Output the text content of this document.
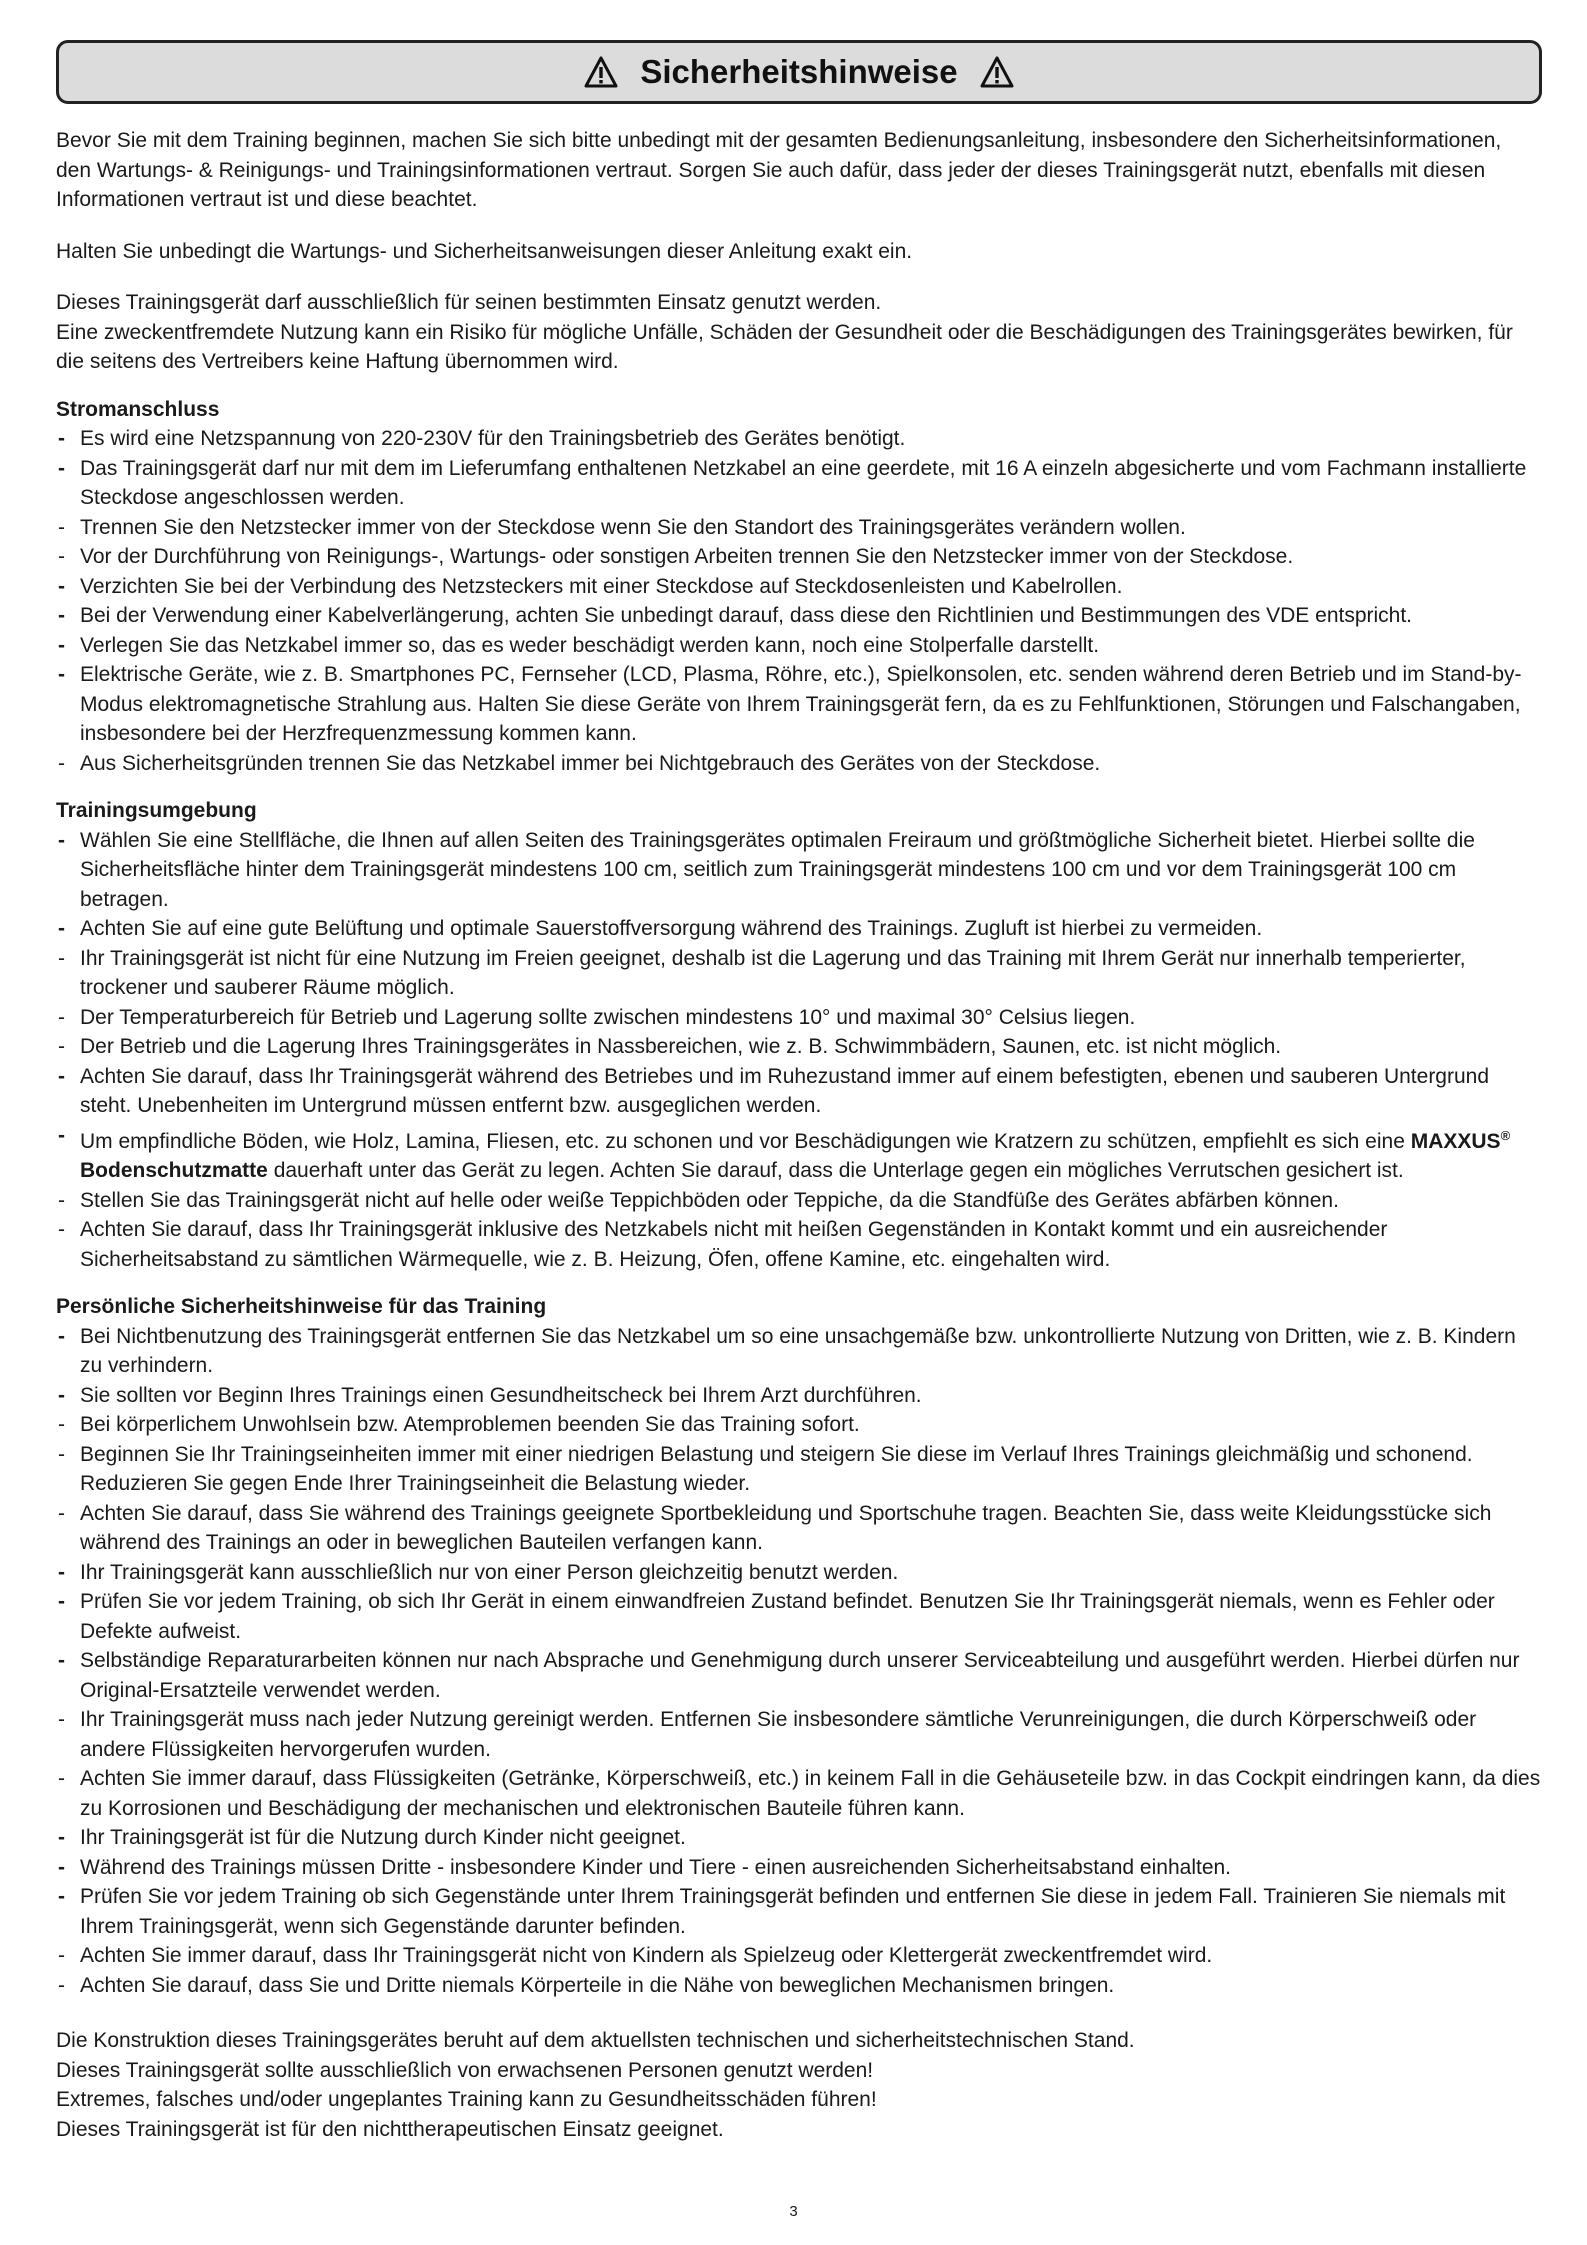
Sicherheitshinweise

Bevor Sie mit dem Training beginnen, machen Sie sich bitte unbedingt mit der gesamten Bedienungsanleitung, insbesondere den Sicherheitsinformationen, den Wartungs- & Reinigungs- und Trainingsinformationen vertraut. Sorgen Sie auch dafür, dass jeder der dieses Trainingsgerät nutzt, ebenfalls mit diesen Informationen vertraut ist und diese beachtet.

Halten Sie unbedingt die Wartungs- und Sicherheitsanweisungen dieser Anleitung exakt ein.

Dieses Trainingsgerät darf ausschließlich für seinen bestimmten Einsatz genutzt werden.

Eine zweckentfremdete Nutzung kann ein Risiko für mögliche Unfälle, Schäden der Gesundheit oder die Beschädigungen des Trainingsgerätes bewirken, für die seitens des Vertreibers keine Haftung übernommen wird.

Stromanschluss
- Es wird eine Netzspannung von 220-230V für den Trainingsbetrieb des Gerätes benötigt.
- Das Trainingsgerät darf nur mit dem im Lieferumfang enthaltenen Netzkabel an eine geerdete, mit 16 A einzeln abgesicherte und vom Fachmann installierte Steckdose angeschlossen werden.
- Trennen Sie den Netzstecker immer von der Steckdose wenn Sie den Standort des Trainingsgerätes verändern wollen.
- Vor der Durchführung von Reinigungs-, Wartungs- oder sonstigen Arbeiten trennen Sie den Netzstecker immer von der Steckdose.
- Verzichten Sie bei der Verbindung des Netzsteckers mit einer Steckdose auf Steckdosenleisten und Kabelrollen.
- Bei der Verwendung einer Kabelverlängerung, achten Sie unbedingt darauf, dass diese den Richtlinien und Bestimmungen des VDE entspricht.
- Verlegen Sie das Netzkabel immer so, das es weder beschädigt werden kann, noch eine Stolperfalle darstellt.
- Elektrische Geräte, wie z. B. Smartphones PC, Fernseher (LCD, Plasma, Röhre, etc.), Spielkonsolen, etc. senden während deren Betrieb und im Stand-by-Modus elektromagnetische Strahlung aus. Halten Sie diese Geräte von Ihrem Trainingsgerät fern, da es zu Fehlfunktionen, Störungen und Falschangaben, insbesondere bei der Herzfrequenzmessung kommen kann.
- Aus Sicherheitsgründen trennen Sie das Netzkabel immer bei Nichtgebrauch des Gerätes von der Steckdose.
Trainingsumgebung
- Wählen Sie eine Stellfläche, die Ihnen auf allen Seiten des Trainingsgerätes optimalen Freiraum und größtmögliche Sicherheit bietet. Hierbei sollte die Sicherheitsfläche hinter dem Trainingsgerät mindestens 100 cm, seitlich zum Trainingsgerät mindestens 100 cm und vor dem Trainingsgerät 100 cm betragen.
- Achten Sie auf eine gute Belüftung und optimale Sauerstoffversorgung während des Trainings. Zugluft ist hierbei zu vermeiden.
- Ihr Trainingsgerät ist nicht für eine Nutzung im Freien geeignet, deshalb ist die Lagerung und das Training mit Ihrem Gerät nur innerhalb temperierter, trockener und sauberer Räume möglich.
- Der Temperaturbereich für Betrieb und Lagerung sollte zwischen mindestens 10° und maximal 30° Celsius liegen.
- Der Betrieb und die Lagerung Ihres Trainingsgerätes in Nassbereichen, wie z. B. Schwimmbädern, Saunen, etc. ist nicht möglich.
- Achten Sie darauf, dass Ihr Trainingsgerät während des Betriebes und im Ruhezustand immer auf einem befestigten, ebenen und sauberen Untergrund steht. Unebenheiten im Untergrund müssen entfernt bzw. ausgeglichen werden.
- Um empfindliche Böden, wie Holz, Lamina, Fliesen, etc. zu schonen und vor Beschädigungen wie Kratzern zu schützen, empfiehlt es sich eine MAXXUS® Bodenschutzmatte dauerhaft unter das Gerät zu legen. Achten Sie darauf, dass die Unterlage gegen ein mögliches Verrutschen gesichert ist.
- Stellen Sie das Trainingsgerät nicht auf helle oder weiße Teppichböden oder Teppiche, da die Standfüße des Gerätes abfärben können.
- Achten Sie darauf, dass Ihr Trainingsgerät inklusive des Netzkabels nicht mit heißen Gegenständen in Kontakt kommt und ein ausreichender Sicherheitsabstand zu sämtlichen Wärmequelle, wie z. B. Heizung, Öfen, offene Kamine, etc. eingehalten wird.
Persönliche Sicherheitshinweise für das Training
- Bei Nichtbenutzung des Trainingsgerät entfernen Sie das Netzkabel um so eine unsachgemäße bzw. unkontrollierte Nutzung von Dritten, wie z. B. Kindern zu verhindern.
- Sie sollten vor Beginn Ihres Trainings einen Gesundheitscheck bei Ihrem Arzt durchführen.
- Bei körperlichem Unwohlsein bzw. Atemproblemen beenden Sie das Training sofort.
- Beginnen Sie Ihr Trainingseinheiten immer mit einer niedrigen Belastung und steigern Sie diese im Verlauf Ihres Trainings gleichmäßig und schonend. Reduzieren Sie gegen Ende Ihrer Trainingseinheit die Belastung wieder.
- Achten Sie darauf, dass Sie während des Trainings geeignete Sportbekleidung und Sportschuhe tragen. Beachten Sie, dass weite Kleidungsstücke sich während des Trainings an oder in beweglichen Bauteilen verfangen kann.
- Ihr Trainingsgerät kann ausschließlich nur von einer Person gleichzeitig benutzt werden.
- Prüfen Sie vor jedem Training, ob sich Ihr Gerät in einem einwandfreien Zustand befindet. Benutzen Sie Ihr Trainingsgerät niemals, wenn es Fehler oder Defekte aufweist.
- Selbständige Reparaturarbeiten können nur nach Absprache und Genehmigung durch unserer Serviceabteilung und ausgeführt werden. Hierbei dürfen nur Original-Ersatzteile verwendet werden.
- Ihr Trainingsgerät muss nach jeder Nutzung gereinigt werden. Entfernen Sie insbesondere sämtliche Verunreinigungen, die durch Körperschweiß oder andere Flüssigkeiten hervorgerufen wurden.
- Achten Sie immer darauf, dass Flüssigkeiten (Getränke, Körperschweiß, etc.) in keinem Fall in die Gehäuseteile bzw. in das Cockpit eindringen kann, da dies zu Korrosionen und Beschädigung der mechanischen und elektronischen Bauteile führen kann.
- Ihr Trainingsgerät ist für die Nutzung durch Kinder nicht geeignet.
- Während des Trainings müssen Dritte - insbesondere Kinder und Tiere - einen ausreichenden Sicherheitsabstand einhalten.
- Prüfen Sie vor jedem Training ob sich Gegenstände unter Ihrem Trainingsgerät befinden und entfernen Sie diese in jedem Fall. Trainieren Sie niemals mit Ihrem Trainingsgerät, wenn sich Gegenstände darunter befinden.
- Achten Sie immer darauf, dass Ihr Trainingsgerät nicht von Kindern als Spielzeug oder Klettergerät zweckentfremdet wird.
- Achten Sie darauf, dass Sie und Dritte niemals Körperteile in die Nähe von beweglichen Mechanismen bringen.

Die Konstruktion dieses Trainingsgerätes beruht auf dem aktuellsten technischen und sicherheitstechnischen Stand.

Dieses Trainingsgerät sollte ausschließlich von erwachsenen Personen genutzt werden!

Extremes, falsches und/oder ungeplantes Training kann zu Gesundheitsschäden führen!

Dieses Trainingsgerät ist für den nichttherapeutischen Einsatz geeignet.

3
